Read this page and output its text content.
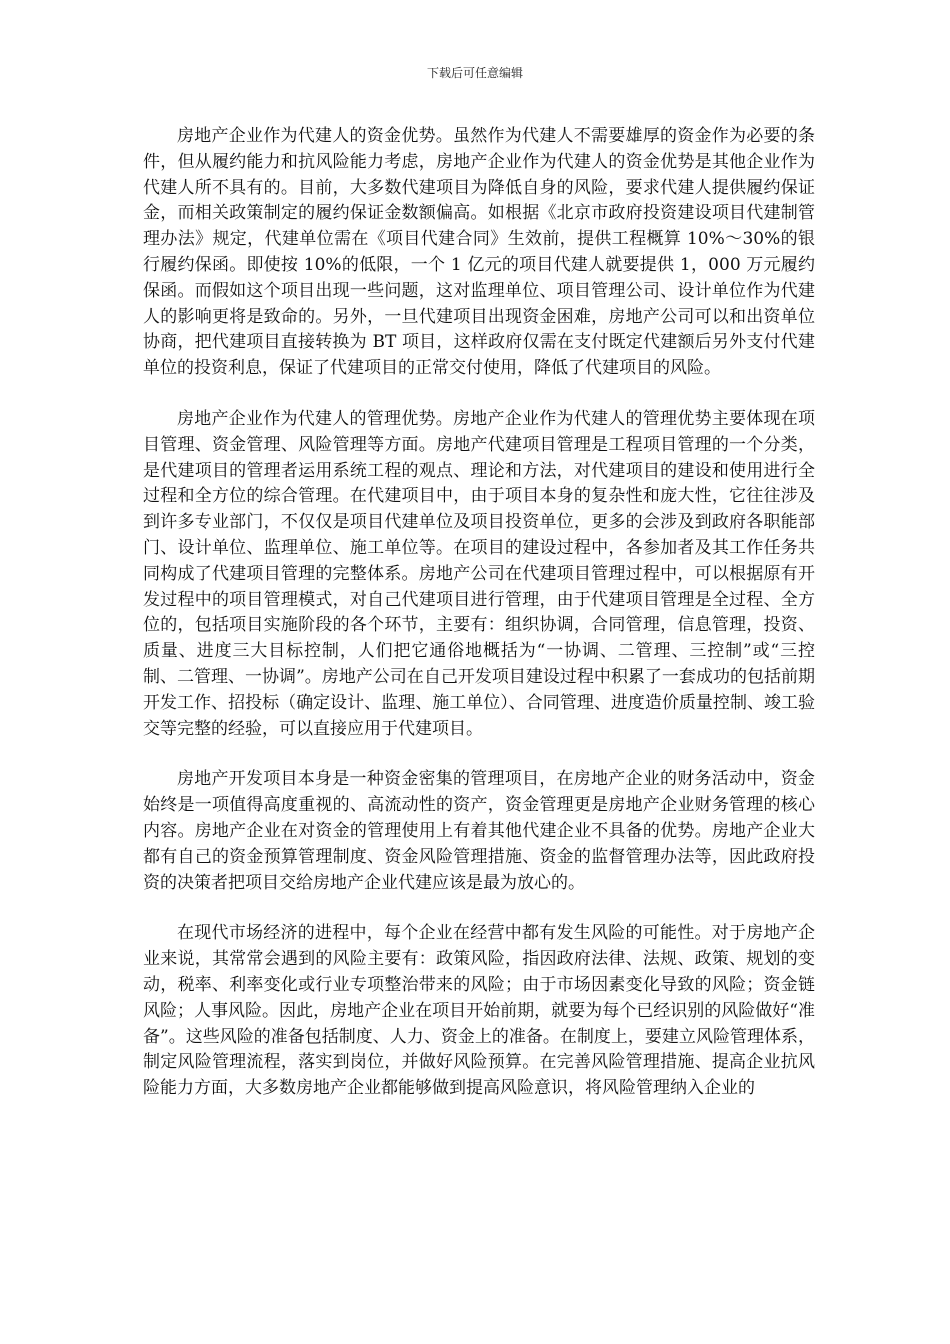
下载后可任意编辑

房地产企业作为代建人的资金优势。虽然作为代建人不需要雄厚的资金作为必要的条件，但从履约能力和抗风险能力考虑，房地产企业作为代建人的资金优势是其他企业作为代建人所不具有的。目前，大多数代建项目为降低自身的风险，要求代建人提供履约保证金，而相关政策制定的履约保证金数额偏高。如根据《北京市政府投资建设项目代建制管理办法》规定，代建单位需在《项目代建合同》生效前，提供工程概算 10%～30%的银行履约保函。即使按 10%的低限，一个 1 亿元的项目代建人就要提供 1，000 万元履约保函。而假如这个项目出现一些问题，这对监理单位、项目管理公司、设计单位作为代建人的影响更将是致命的。另外，一旦代建项目出现资金困难，房地产公司可以和出资单位协商，把代建项目直接转换为 BT 项目，这样政府仅需在支付既定代建额后另外支付代建单位的投资利息，保证了代建项目的正常交付使用，降低了代建项目的风险。

房地产企业作为代建人的管理优势。房地产企业作为代建人的管理优势主要体现在项目管理、资金管理、风险管理等方面。房地产代建项目管理是工程项目管理的一个分类，是代建项目的管理者运用系统工程的观点、理论和方法，对代建项目的建设和使用进行全过程和全方位的综合管理。在代建项目中，由于项目本身的复杂性和庞大性，它往往涉及到许多专业部门，不仅仅是项目代建单位及项目投资单位，更多的会涉及到政府各职能部门、设计单位、监理单位、施工单位等。在项目的建设过程中，各参加者及其工作任务共同构成了代建项目管理的完整体系。房地产公司在代建项目管理过程中，可以根据原有开发过程中的项目管理模式，对自己代建项目进行管理，由于代建项目管理是全过程、全方位的，包括项目实施阶段的各个环节，主要有：组织协调，合同管理，信息管理，投资、质量、进度三大目标控制，人们把它通俗地概括为“一协调、二管理、三控制”或“三控制、二管理、一协调”。房地产公司在自己开发项目建设过程中积累了一套成功的包括前期开发工作、招投标（确定设计、监理、施工单位）、合同管理、进度造价质量控制、竣工验交等完整的经验，可以直接应用于代建项目。

房地产开发项目本身是一种资金密集的管理项目，在房地产企业的财务活动中，资金始终是一项值得高度重视的、高流动性的资产，资金管理更是房地产企业财务管理的核心内容。房地产企业在对资金的管理使用上有着其他代建企业不具备的优势。房地产企业大都有自己的资金预算管理制度、资金风险管理措施、资金的监督管理办法等，因此政府投资的决策者把项目交给房地产企业代建应该是最为放心的。

在现代市场经济的进程中，每个企业在经营中都有发生风险的可能性。对于房地产企业来说，其常常会遇到的风险主要有：政策风险，指因政府法律、法规、政策、规划的变动，税率、利率变化或行业专项整治带来的风险；由于市场因素变化导致的风险；资金链风险；人事风险。因此，房地产企业在项目开始前期，就要为每个已经识别的风险做好“准备”。这些风险的准备包括制度、人力、资金上的准备。在制度上，要建立风险管理体系，制定风险管理流程，落实到岗位，并做好风险预算。在完善风险管理措施、提高企业抗风险能力方面，大多数房地产企业都能够做到提高风险意识，将风险管理纳入企业的
